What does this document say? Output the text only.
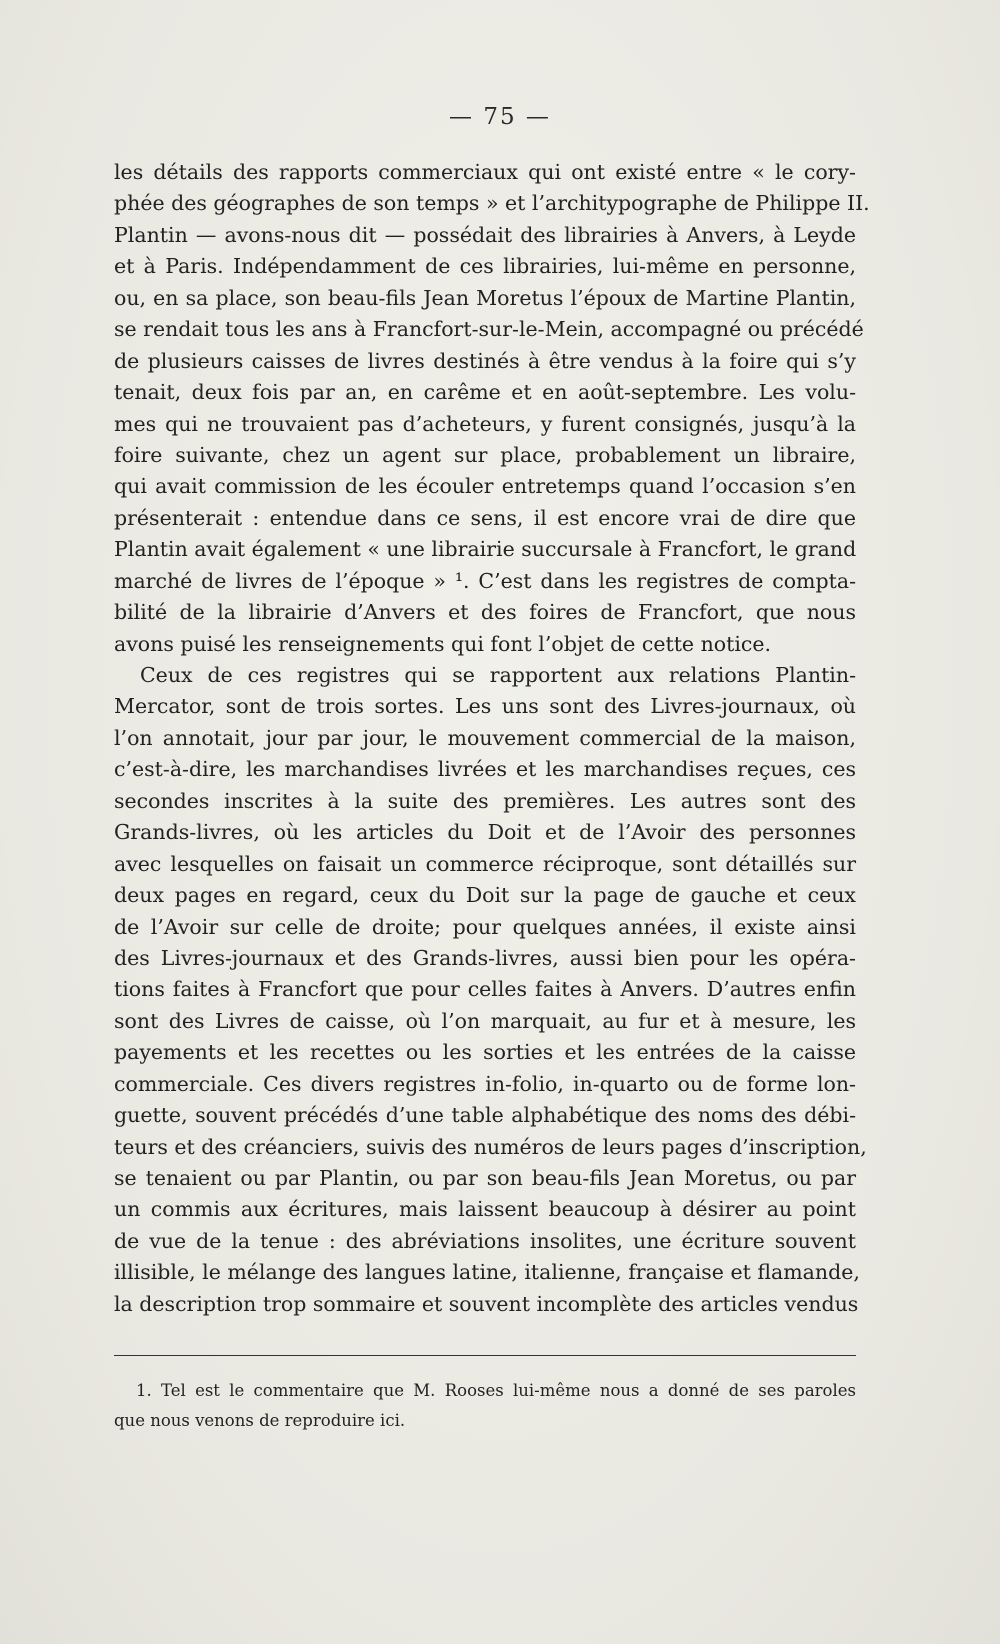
— 75 —
les détails des rapports commerciaux qui ont existé entre « le cory-
phée des géographes de son temps » et l’architypographe de Philippe II.
Plantin — avons-nous dit — possédait des librairies à Anvers, à Leyde
et à Paris. Indépendamment de ces librairies, lui-même en personne,
ou, en sa place, son beau-fils Jean Moretus l’époux de Martine Plantin,
se rendait tous les ans à Francfort-sur-le-Mein, accompagné ou précédé
de plusieurs caisses de livres destinés à être vendus à la foire qui s’y
tenait, deux fois par an, en carême et en août-septembre. Les volu-
mes qui ne trouvaient pas d’acheteurs, y furent consignés, jusqu’à la
foire suivante, chez un agent sur place, probablement un libraire,
qui avait commission de les écouler entretemps quand l’occasion s’en
présenterait : entendue dans ce sens, il est encore vrai de dire que
Plantin avait également « une librairie succursale à Francfort, le grand
marché de livres de l’époque » ¹. C’est dans les registres de compta-
bilité de la librairie d’Anvers et des foires de Francfort, que nous
avons puisé les renseignements qui font l’objet de cette notice.
Ceux de ces registres qui se rapportent aux relations Plantin-
Mercator, sont de trois sortes. Les uns sont des Livres-journaux, où
l’on annotait, jour par jour, le mouvement commercial de la maison,
c’est-à-dire, les marchandises livrées et les marchandises reçues, ces
secondes inscrites à la suite des premières. Les autres sont des
Grands-livres, où les articles du Doit et de l’Avoir des personnes
avec lesquelles on faisait un commerce réciproque, sont détaillés sur
deux pages en regard, ceux du Doit sur la page de gauche et ceux
de l’Avoir sur celle de droite; pour quelques années, il existe ainsi
des Livres-journaux et des Grands-livres, aussi bien pour les opéra-
tions faites à Francfort que pour celles faites à Anvers. D’autres enfin
sont des Livres de caisse, où l’on marquait, au fur et à mesure, les
payements et les recettes ou les sorties et les entrées de la caisse
commerciale. Ces divers registres in-folio, in-quarto ou de forme lon-
guette, souvent précédés d’une table alphabétique des noms des débi-
teurs et des créanciers, suivis des numéros de leurs pages d’inscription,
se tenaient ou par Plantin, ou par son beau-fils Jean Moretus, ou par
un commis aux écritures, mais laissent beaucoup à désirer au point
de vue de la tenue : des abréviations insolites, une écriture souvent
illisible, le mélange des langues latine, italienne, française et flamande,
la description trop sommaire et souvent incomplète des articles vendus
1. Tel est le commentaire que M. Rooses lui-même nous a donné de ses paroles
que nous venons de reproduire ici.
